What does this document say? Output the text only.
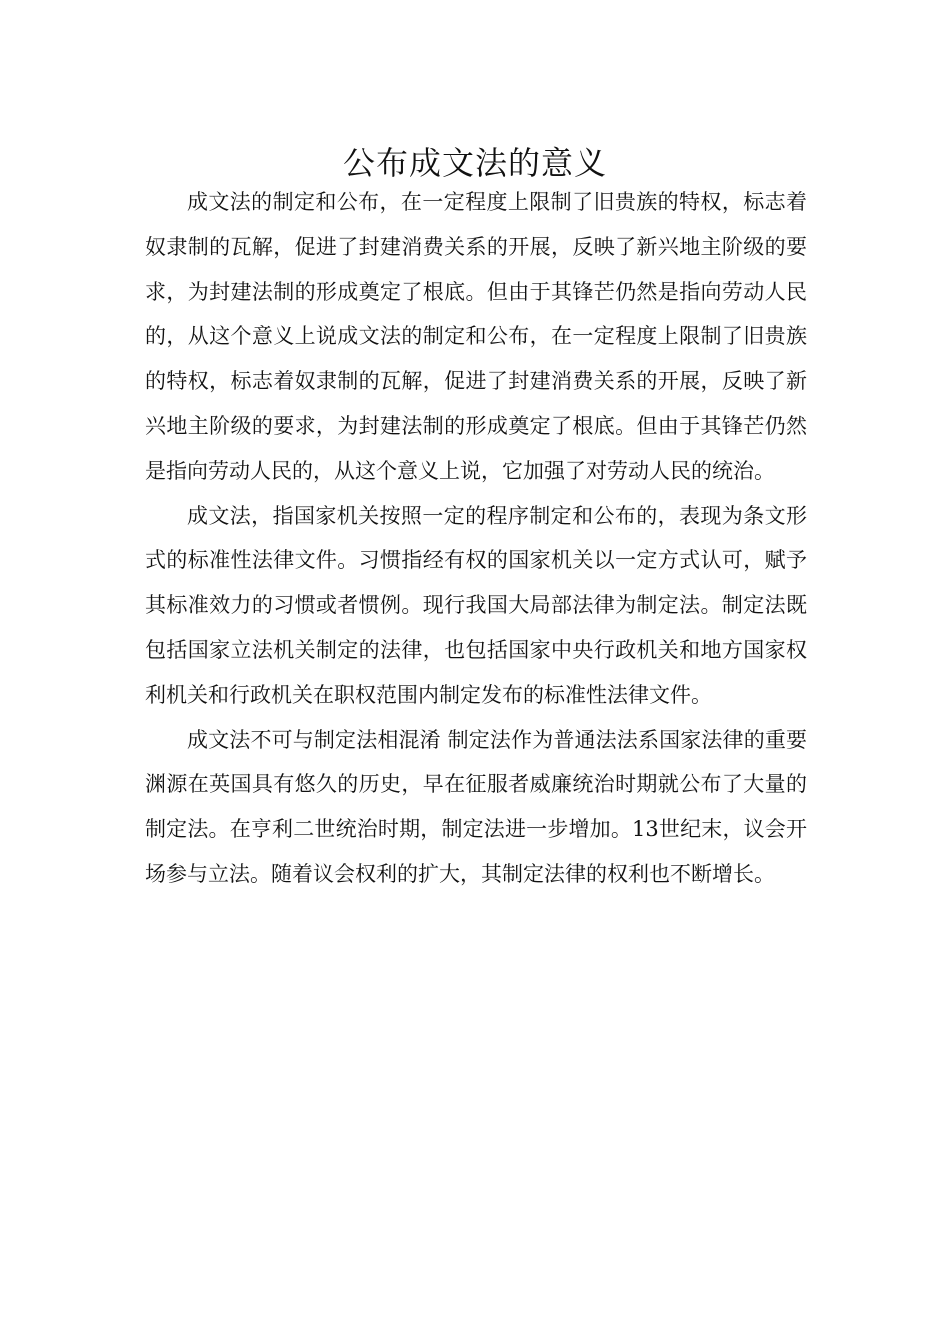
公布成文法的意义

成文法的制定和公布，在一定程度上限制了旧贵族的特权，标志着奴隶制的瓦解，促进了封建消费关系的开展，反映了新兴地主阶级的要求，为封建法制的形成奠定了根底。但由于其锋芒仍然是指向劳动人民的，从这个意义上说成文法的制定和公布，在一定程度上限制了旧贵族的特权，标志着奴隶制的瓦解，促进了封建消费关系的开展，反映了新兴地主阶级的要求，为封建法制的形成奠定了根底。但由于其锋芒仍然是指向劳动人民的，从这个意义上说，它加强了对劳动人民的统治。

成文法，指国家机关按照一定的程序制定和公布的，表现为条文形式的标准性法律文件。习惯指经有权的国家机关以一定方式认可，赋予其标准效力的习惯或者惯例。现行我国大局部法律为制定法。制定法既包括国家立法机关制定的法律，也包括国家中央行政机关和地方国家权利机关和行政机关在职权范围内制定发布的标准性法律文件。

成文法不可与制定法相混淆 制定法作为普通法法系国家法律的重要渊源在英国具有悠久的历史，早在征服者威廉统治时期就公布了大量的制定法。在亨利二世统治时期，制定法进一步增加。13世纪末，议会开场参与立法。随着议会权利的扩大，其制定法律的权利也不断增长。
